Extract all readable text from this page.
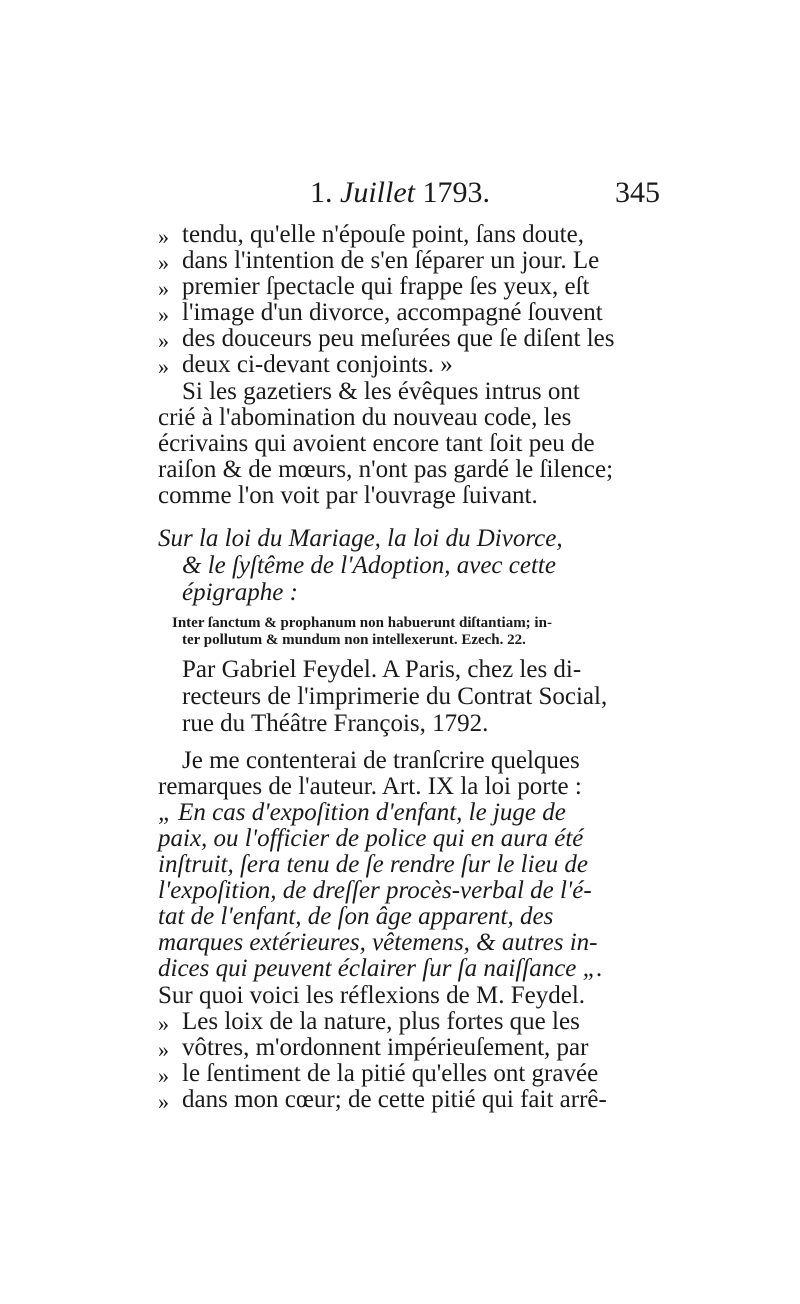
1. Juillet 1793.	345
» tendu, qu'elle n'épouſe point, ſans doute,
» dans l'intention de s'en ſéparer un jour. Le
» premier ſpectacle qui frappe ſes yeux, eſt
» l'image d'un divorce, accompagné ſouvent
» des douceurs peu meſurées que ſe diſent les
» deux ci-devant conjoints. »
Si les gazetiers & les évêques intrus ont
crié à l'abomination du nouveau code, les
écrivains qui avoient encore tant ſoit peu de
raiſon & de mœurs, n'ont pas gardé le ſilence;
comme l'on voit par l'ouvrage ſuivant.
Sur la loi du Mariage, la loi du Divorce,
& le ſyſtême de l'Adoption, avec cette
épigraphe :
Inter ſanctum & prophanum non habuerunt diſtantiam; in-
ter pollutum & mundum non intellexerunt. Ezech. 22.
Par Gabriel Feydel. A Paris, chez les di-
recteurs de l'imprimerie du Contrat Social,
rue du Théâtre François, 1792.
Je me contenterai de tranſcrire quelques
remarques de l'auteur. Art. IX la loi porte :
„ En cas d'expoſition d'enfant, le juge de
paix, ou l'officier de police qui en aura été
inſtruit, ſera tenu de ſe rendre ſur le lieu de
l'expoſition, de dreſſer procès-verbal de l'é-
tat de l'enfant, de ſon âge apparent, des
marques extérieures, vêtemens, & autres in-
dices qui peuvent éclairer ſur ſa naiſſance „.
Sur quoi voici les réflexions de M. Feydel.
» Les loix de la nature, plus fortes que les
» vôtres, m'ordonnent impérieuſement, par
» le ſentiment de la pitié qu'elles ont gravée
» dans mon cœur; de cette pitié qui fait arrê-
